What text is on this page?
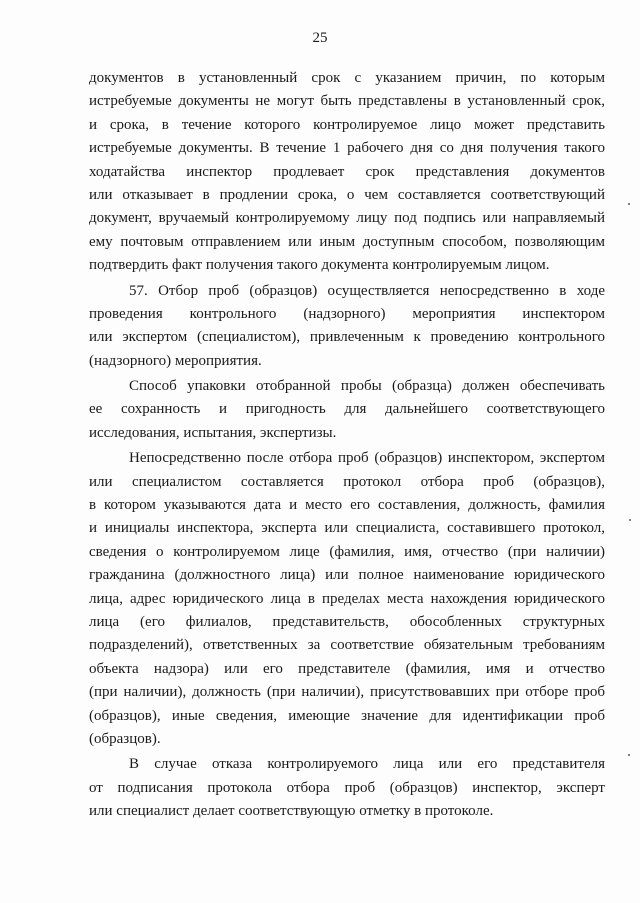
25
документов в установленный срок с указанием причин, по которым
истребуемые документы не могут быть представлены в установленный срок,
и срока, в течение которого контролируемое лицо может представить
истребуемые документы. В течение 1 рабочего дня со дня получения такого
ходатайства инспектор продлевает срок представления документов
или отказывает в продлении срока, о чем составляется соответствующий
документ, вручаемый контролируемому лицу под подпись или направляемый
ему почтовым отправлением или иным доступным способом, позволяющим
подтвердить факт получения такого документа контролируемым лицом.
57. Отбор проб (образцов) осуществляется непосредственно в ходе
проведения контрольного (надзорного) мероприятия инспектором
или экспертом (специалистом), привлеченным к проведению контрольного
(надзорного) мероприятия.
Способ упаковки отобранной пробы (образца) должен обеспечивать
ее сохранность и пригодность для дальнейшего соответствующего
исследования, испытания, экспертизы.
Непосредственно после отбора проб (образцов) инспектором, экспертом
или специалистом составляется протокол отбора проб (образцов),
в котором указываются дата и место его составления, должность, фамилия
и инициалы инспектора, эксперта или специалиста, составившего протокол,
сведения о контролируемом лице (фамилия, имя, отчество (при наличии)
гражданина (должностного лица) или полное наименование юридического
лица, адрес юридического лица в пределах места нахождения юридического
лица (его филиалов, представительств, обособленных структурных
подразделений), ответственных за соответствие обязательным требованиям
объекта надзора) или его представителе (фамилия, имя и отчество
(при наличии), должность (при наличии), присутствовавших при отборе проб
(образцов), иные сведения, имеющие значение для идентификации проб
(образцов).
В случае отказа контролируемого лица или его представителя
от подписания протокола отбора проб (образцов) инспектор, эксперт
или специалист делает соответствующую отметку в протоколе.
